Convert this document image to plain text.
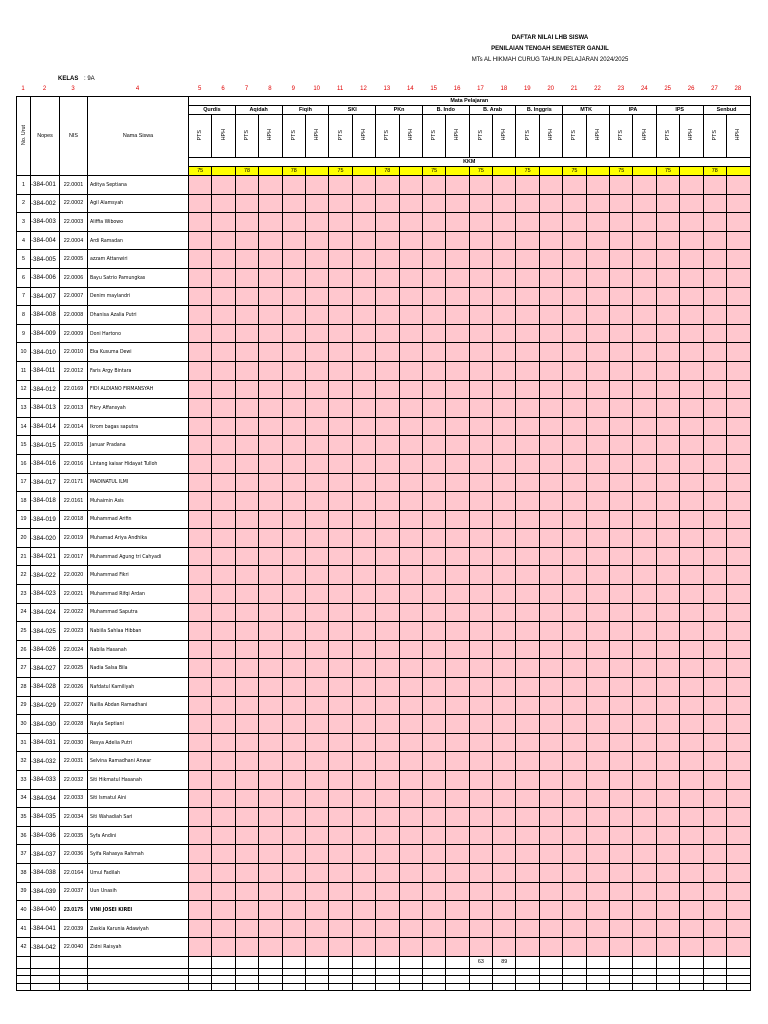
DAFTAR NILAI LHB SISWA
PENILAIAN TENGAH SEMESTER GANJIL
MTs AL HIKMAH CURUG TAHUN PELAJARAN 2024/2025
KELAS : 9A
1	2	3	4	5	6	7	8	9	10	11	12	13	14	15	16	17	18	19	20	21	22	23	24	25	26	27	28
No. Urut	Nopes	NIS	Nama Siswa	Mata Pelajaran																							
				Qurdis		Aqidah		Fiqih		SKI		PKn		B. Indo		B. Arab		B. Inggris		MTK		IPA		IPS		Senbud	
				PTS	HPH	PTS	HPH	PTS	HPH	PTS	HPH	PTS	HPH	PTS	HPH	PTS	HPH	PTS	HPH	PTS	HPH	PTS	HPH	PTS	HPH	PTS	HPH
				KKM																							
				75		78		78		75		78		75		75		75		75		75		75		78	
1	-384-001	22.0001	Aditya Septiana																								
2	-384-002	22.0002	Agil Alamsyah																								
3	-384-003	22.0003	Aliffia Wibowo																								
4	-384-004	22.0004	Ardi Ramadan																								
5	-384-005	22.0005	azzam Attanwiri																								
6	-384-006	22.0006	Bayu Satrio Pamungkas																								
7	-384-007	22.0007	Denim maylandri																								
8	-384-008	22.0008	Dhanisa Azalia Putri																								
9	-384-009	22.0009	Doni Hartono																								
10	-384-010	22.0010	Eka Kusuma Dewi																								
11	-384-011	22.0012	Faris Argy Bintara																								
12	-384-012	22.0169	FIDI ALDIANO FIRMANSYAH																								
13	-384-013	22.0013	Fikry Affansyah																								
14	-384-014	22.0014	Ikrom bagas saputra																								
15	-384-015	22.0015	Januar Pradana																								
16	-384-016	22.0016	Lintang kaisar Hidayat Tulloh																								
17	-384-017	22.0171	MADINATUL ILMI																								
18	-384-018	22.0161	Muhaimin Asis																								
19	-384-019	22.0018	Muhammad Arifin																								
20	-384-020	22.0019	Muhamad Ariya Andhika																								
21	-384-021	22.0017	Muhammad Agung tri Cahyadi																								
22	-384-022	22.0020	Muhammad Fikri																								
23	-384-023	22.0021	Muhammad Rifqi Ardan																								
24	-384-024	22.0022	Muhammad Saputra																								
25	-384-025	22.0023	Nabiila Sahlaa Hibban																								
26	-384-026	22.0024	Nabila Hasanah																								
27	-384-027	22.0025	Nadia Salsa Bila																								
28	-384-028	22.0026	Nafdatul Kamiliyah																								
29	-384-029	22.0027	Nailla Abdan Ramadhani																								
30	-384-030	22.0028	Nayla Septiani																								
31	-384-031	22.0030	Resya Adelia Putri																								
32	-384-032	22.0031	Selvina Ramadhani Anwar																								
33	-384-033	22.0032	Siti Hikmatul Hasanah																								
34	-384-034	22.0033	Siti Ismatul Aini																								
35	-384-035	22.0034	Siti Wahadiah Sari																								
36	-384-036	22.0035	Syfa Andini																								
37	-384-037	22.0036	Syifa Rahasya Rahmah																								
38	-384-038	22.0164	Umul Fadilah																								
39	-384-039	22.0037	Uun Unasih																								
40	-384-040	23.0175	VINI JOSEI KIREI																								
41	-384-041	22.0039	Zaskia Karunia Adawiyah																								
42	-384-042	22.0040	Zidni Raisyah																								
																63	89										
